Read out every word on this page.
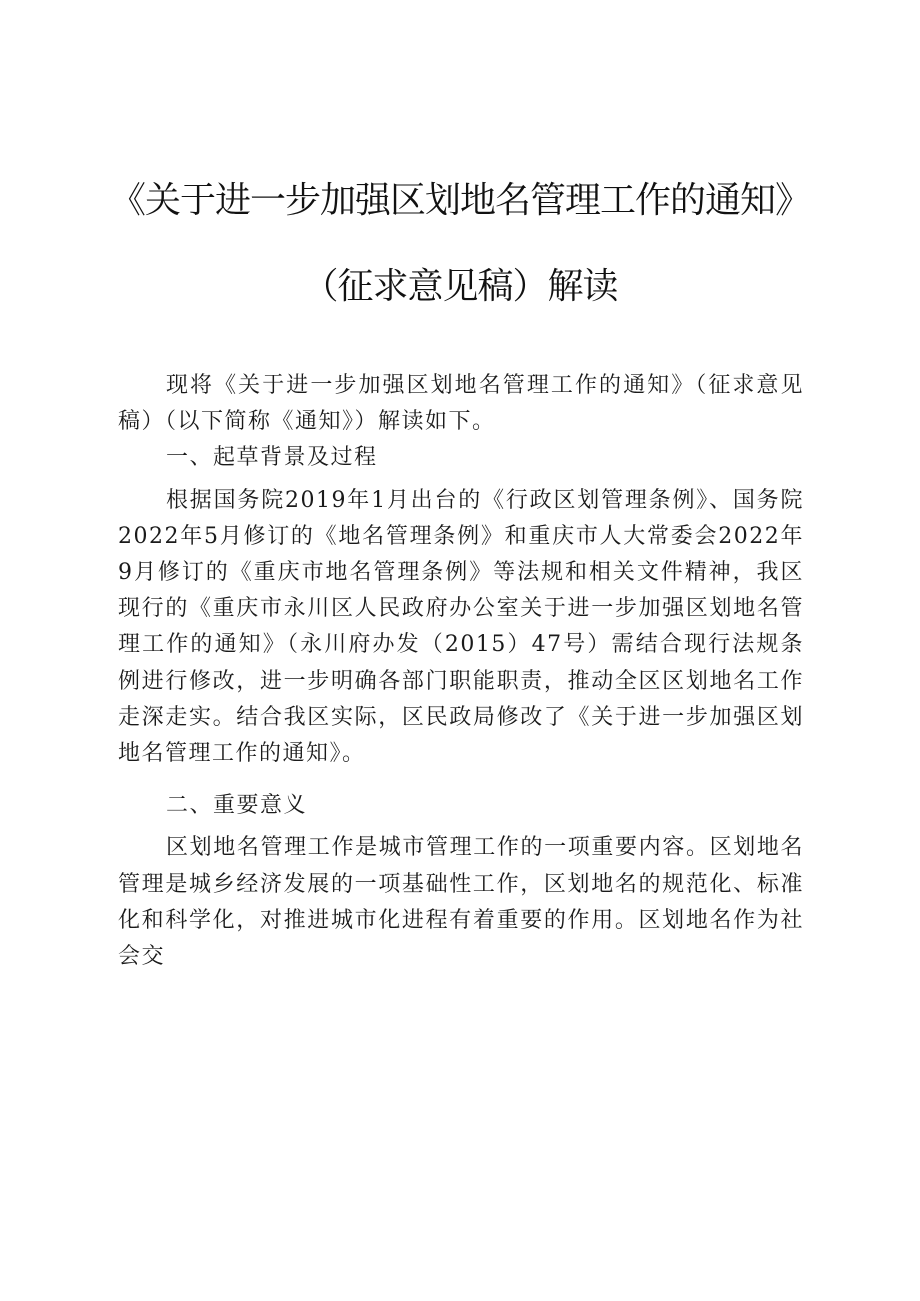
《关于进一步加强区划地名管理工作的通知》
（征求意见稿）解读

现将《关于进一步加强区划地名管理工作的通知》（征求意见稿）（以下简称《通知》）解读如下。

一、起草背景及过程

根据国务院2019年1月出台的《行政区划管理条例》、国务院2022年5月修订的《地名管理条例》和重庆市人大常委会2022年9月修订的《重庆市地名管理条例》等法规和相关文件精神，我区现行的《重庆市永川区人民政府办公室关于进一步加强区划地名管理工作的通知》（永川府办发（2015）47号）需结合现行法规条例进行修改，进一步明确各部门职能职责，推动全区区划地名工作走深走实。结合我区实际，区民政局修改了《关于进一步加强区划地名管理工作的通知》。

二、重要意义

区划地名管理工作是城市管理工作的一项重要内容。区划地名管理是城乡经济发展的一项基础性工作，区划地名的规范化、标准化和科学化，对推进城市化进程有着重要的作用。区划地名作为社会交
